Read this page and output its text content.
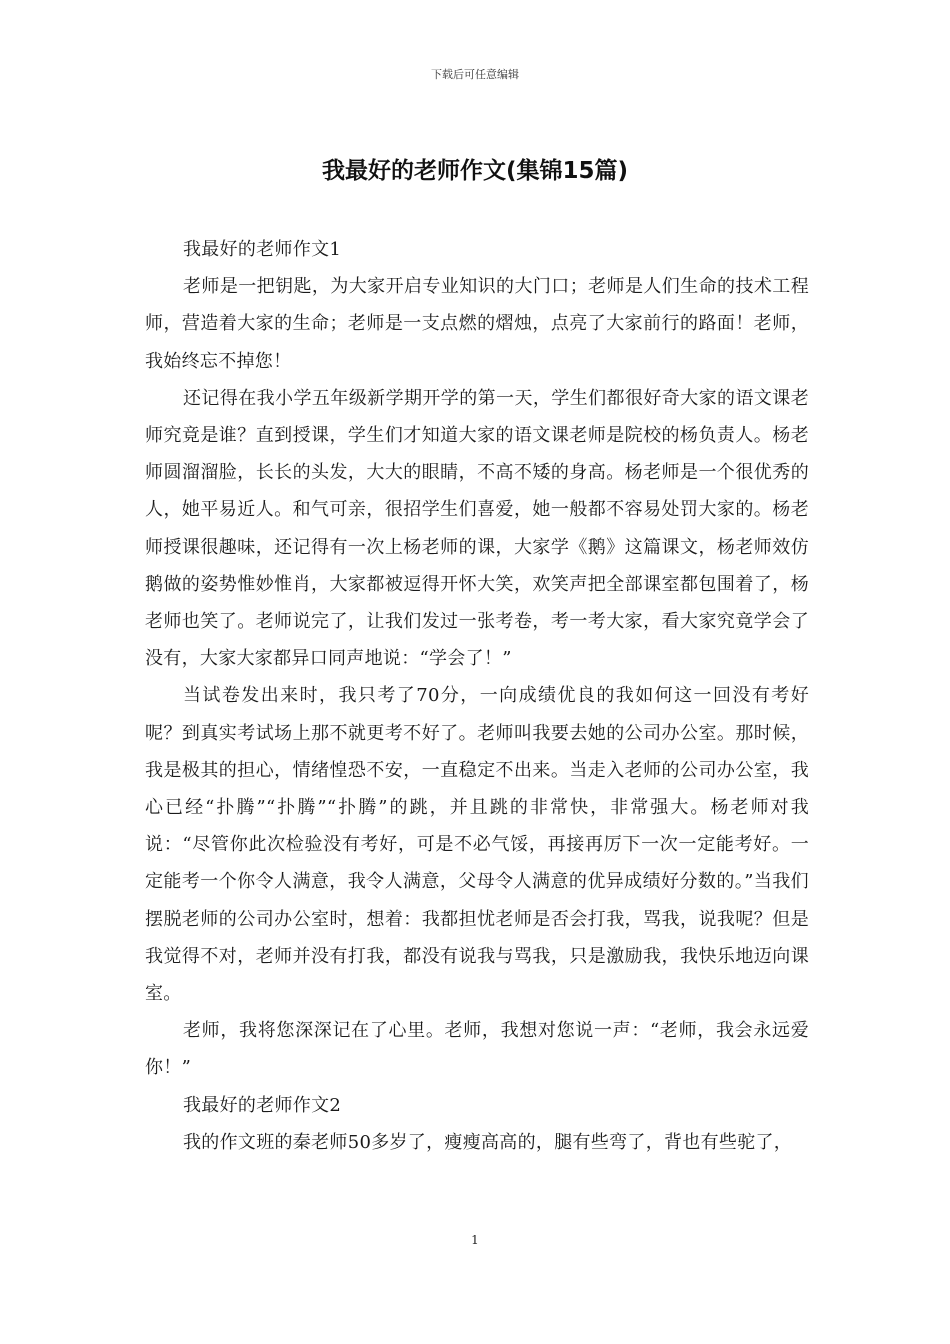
下载后可任意编辑
我最好的老师作文(集锦15篇)

我最好的老师作文1

老师是一把钥匙，为大家开启专业知识的大门口；老师是人们生命的技术工程师，营造着大家的生命；老师是一支点燃的熠烛，点亮了大家前行的路面！老师，我始终忘不掉您！

还记得在我小学五年级新学期开学的第一天，学生们都很好奇大家的语文课老师究竟是谁？直到授课，学生们才知道大家的语文课老师是院校的杨负责人。杨老师圆溜溜脸，长长的头发，大大的眼睛，不高不矮的身高。杨老师是一个很优秀的人，她平易近人。和气可亲，很招学生们喜爱，她一般都不容易处罚大家的。杨老师授课很趣味，还记得有一次上杨老师的课，大家学《鹅》这篇课文，杨老师效仿鹅做的姿势惟妙惟肖，大家都被逗得开怀大笑，欢笑声把全部课室都包围着了，杨老师也笑了。老师说完了，让我们发过一张考卷，考一考大家，看大家究竟学会了没有，大家大家都异口同声地说：“学会了！”

当试卷发出来时，我只考了70分，一向成绩优良的我如何这一回没有考好呢？到真实考试场上那不就更考不好了。老师叫我要去她的公司办公室。那时候，我是极其的担心，情绪惶恐不安，一直稳定不出来。当走入老师的公司办公室，我心已经“扑腾”“扑腾”“扑腾”的跳，并且跳的非常快，非常强大。杨老师对我说：“尽管你此次检验没有考好，可是不必气馁，再接再厉下一次一定能考好。一定能考一个你令人满意，我令人满意，父母令人满意的优异成绩好分数的。”当我们摆脱老师的公司办公室时，想着：我都担忧老师是否会打我，骂我，说我呢？但是我觉得不对，老师并没有打我，都没有说我与骂我，只是激励我，我快乐地迈向课室。

老师，我将您深深记在了心里。老师，我想对您说一声：“老师，我会永远爱你！”

我最好的老师作文2

我的作文班的秦老师50多岁了，瘦瘦高高的，腿有些弯了，背也有些驼了，

1
